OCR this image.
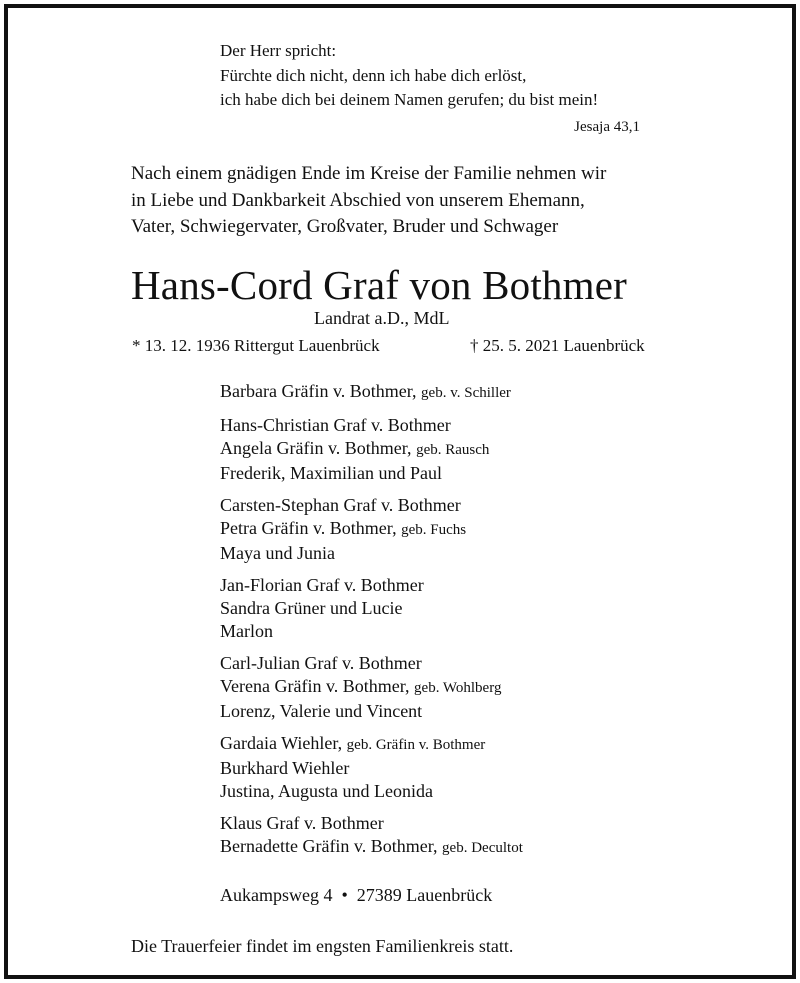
Der Herr spricht:
Fürchte dich nicht, denn ich habe dich erlöst,
ich habe dich bei deinem Namen gerufen; du bist mein!
Jesaja 43,1
Nach einem gnädigen Ende im Kreise der Familie nehmen wir
in Liebe und Dankbarkeit Abschied von unserem Ehemann,
Vater, Schwiegervater, Großvater, Bruder und Schwager
Hans-Cord Graf von Bothmer
Landrat a.D., MdL
* 13. 12. 1936 Rittergut Lauenbrück	† 25. 5. 2021 Lauenbrück
Barbara Gräfin v. Bothmer, geb. v. Schiller
Hans-Christian Graf v. Bothmer
Angela Gräfin v. Bothmer, geb. Rausch
Frederik, Maximilian und Paul
Carsten-Stephan Graf v. Bothmer
Petra Gräfin v. Bothmer, geb. Fuchs
Maya und Junia
Jan-Florian Graf v. Bothmer
Sandra Grüner und Lucie
Marlon
Carl-Julian Graf v. Bothmer
Verena Gräfin v. Bothmer, geb. Wohlberg
Lorenz, Valerie und Vincent
Gardaia Wiehler, geb. Gräfin v. Bothmer
Burkhard Wiehler
Justina, Augusta und Leonida
Klaus Graf v. Bothmer
Bernadette Gräfin v. Bothmer, geb. Decultot
Aukampsweg 4  •  27389 Lauenbrück
Die Trauerfeier findet im engsten Familienkreis statt.
